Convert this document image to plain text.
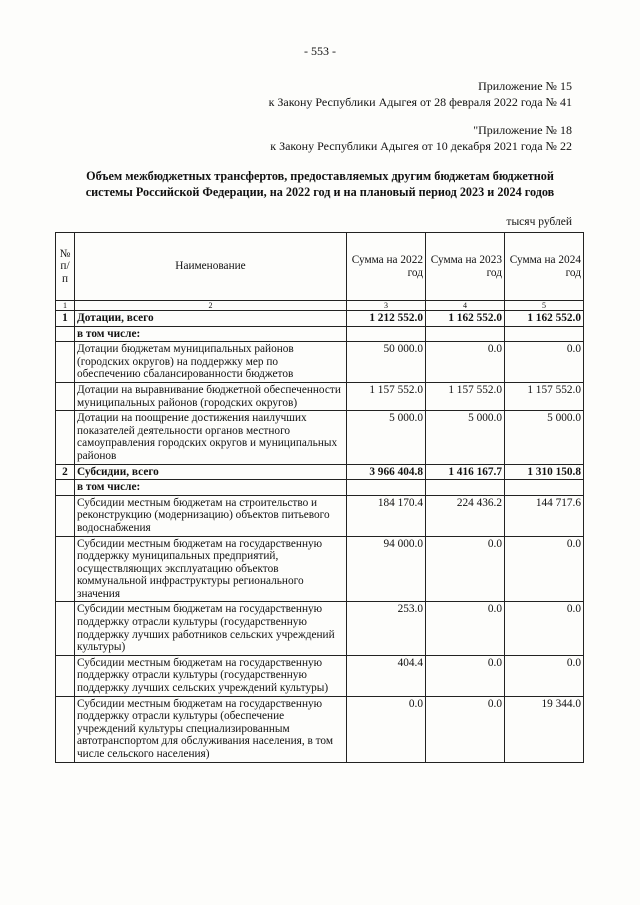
- 553 -
Приложение № 15
к Закону Республики Адыгея от 28 февраля 2022 года № 41
"Приложение № 18
к Закону Республики Адыгея от 10 декабря 2021 года № 22
Объем межбюджетных трансфертов, предоставляемых другим бюджетам бюджетной
системы Российской Федерации, на 2022 год и на плановый период 2023 и 2024 годов
тысяч рублей
№ п/п	Наименование	Сумма на 2022 год	Сумма на 2023 год	Сумма на 2024 год
1	2	3	4	5
1	Дотации, всего	1 212 552.0	1 162 552.0	1 162 552.0
	в том числе:			
	Дотации бюджетам муниципальных районов (городских округов) на поддержку мер по обеспечению сбалансированности бюджетов	50 000.0	0.0	0.0
	Дотации на выравнивание бюджетной обеспеченности муниципальных районов (городских округов)	1 157 552.0	1 157 552.0	1 157 552.0
	Дотации на поощрение достижения наилучших показателей деятельности органов местного самоуправления городских округов и муниципальных районов	5 000.0	5 000.0	5 000.0
2	Субсидии, всего	3 966 404.8	1 416 167.7	1 310 150.8
	в том числе:			
	Субсидии местным бюджетам на строительство и реконструкцию (модернизацию) объектов питьевого водоснабжения	184 170.4	224 436.2	144 717.6
	Субсидии местным бюджетам на государственную поддержку муниципальных предприятий, осуществляющих эксплуатацию объектов коммунальной инфраструктуры регионального значения	94 000.0	0.0	0.0
	Субсидии местным бюджетам на государственную поддержку отрасли культуры (государственную поддержку лучших работников сельских учреждений культуры)	253.0	0.0	0.0
	Субсидии местным бюджетам на государственную поддержку отрасли культуры (государственную поддержку лучших сельских учреждений культуры)	404.4	0.0	0.0
	Субсидии местным бюджетам на государственную поддержку отрасли культуры (обеспечение учреждений культуры специализированным автотранспортом для обслуживания населения, в том числе сельского населения)	0.0	0.0	19 344.0
